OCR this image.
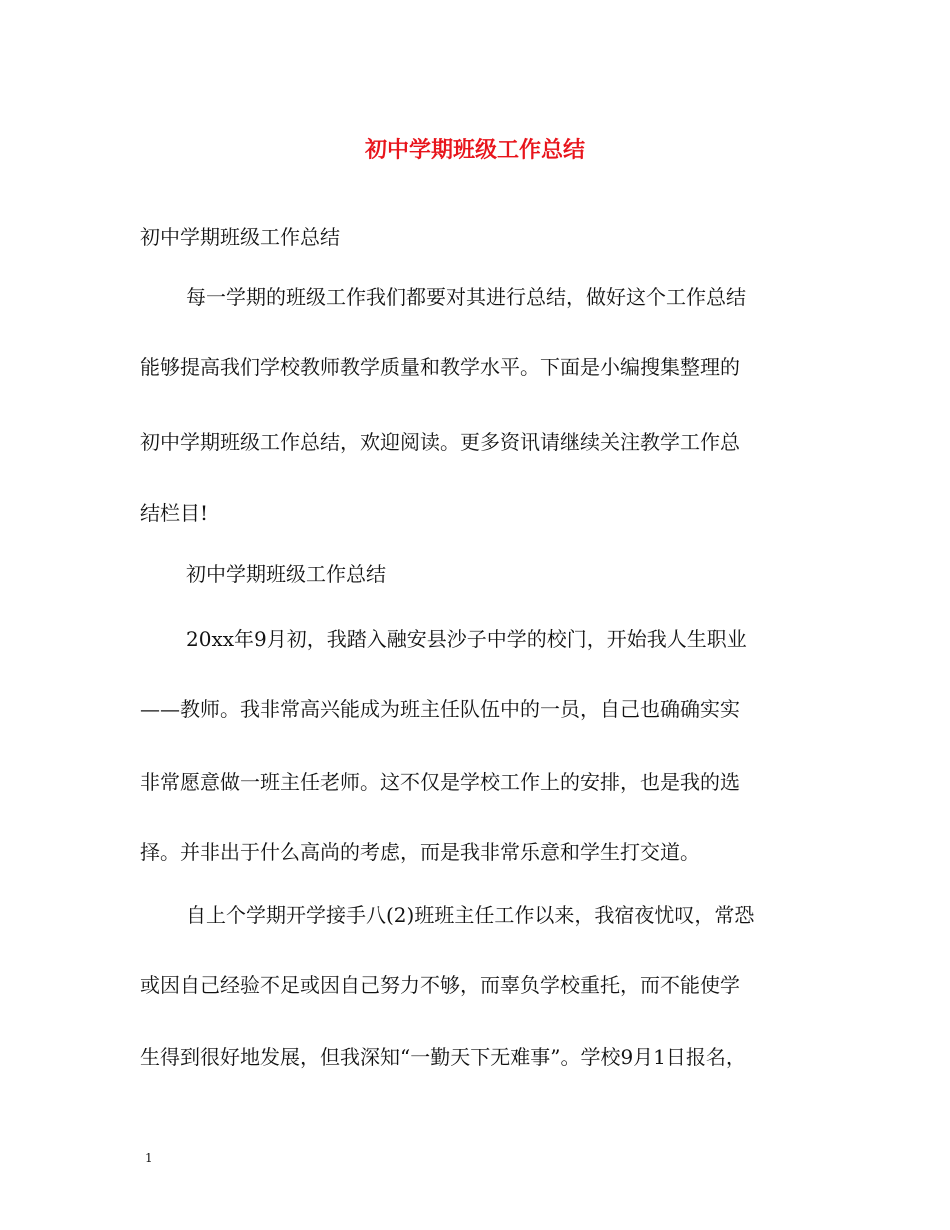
初中学期班级工作总结

初中学期班级工作总结

每一学期的班级工作我们都要对其进行总结，做好这个工作总结

能够提高我们学校教师教学质量和教学水平。下面是小编搜集整理的

初中学期班级工作总结，欢迎阅读。更多资讯请继续关注教学工作总

结栏目!

初中学期班级工作总结

20xx年9月初，我踏入融安县沙子中学的校门，开始我人生职业

——教师。我非常高兴能成为班主任队伍中的一员，自己也确确实实

非常愿意做一班主任老师。这不仅是学校工作上的安排，也是我的选

择。并非出于什么高尚的考虑，而是我非常乐意和学生打交道。

自上个学期开学接手八(2)班班主任工作以来，我宿夜忧叹，常恐

或因自己经验不足或因自己努力不够，而辜负学校重托，而不能使学

生得到很好地发展，但我深知“一勤天下无难事”。学校9月1日报名，

1
